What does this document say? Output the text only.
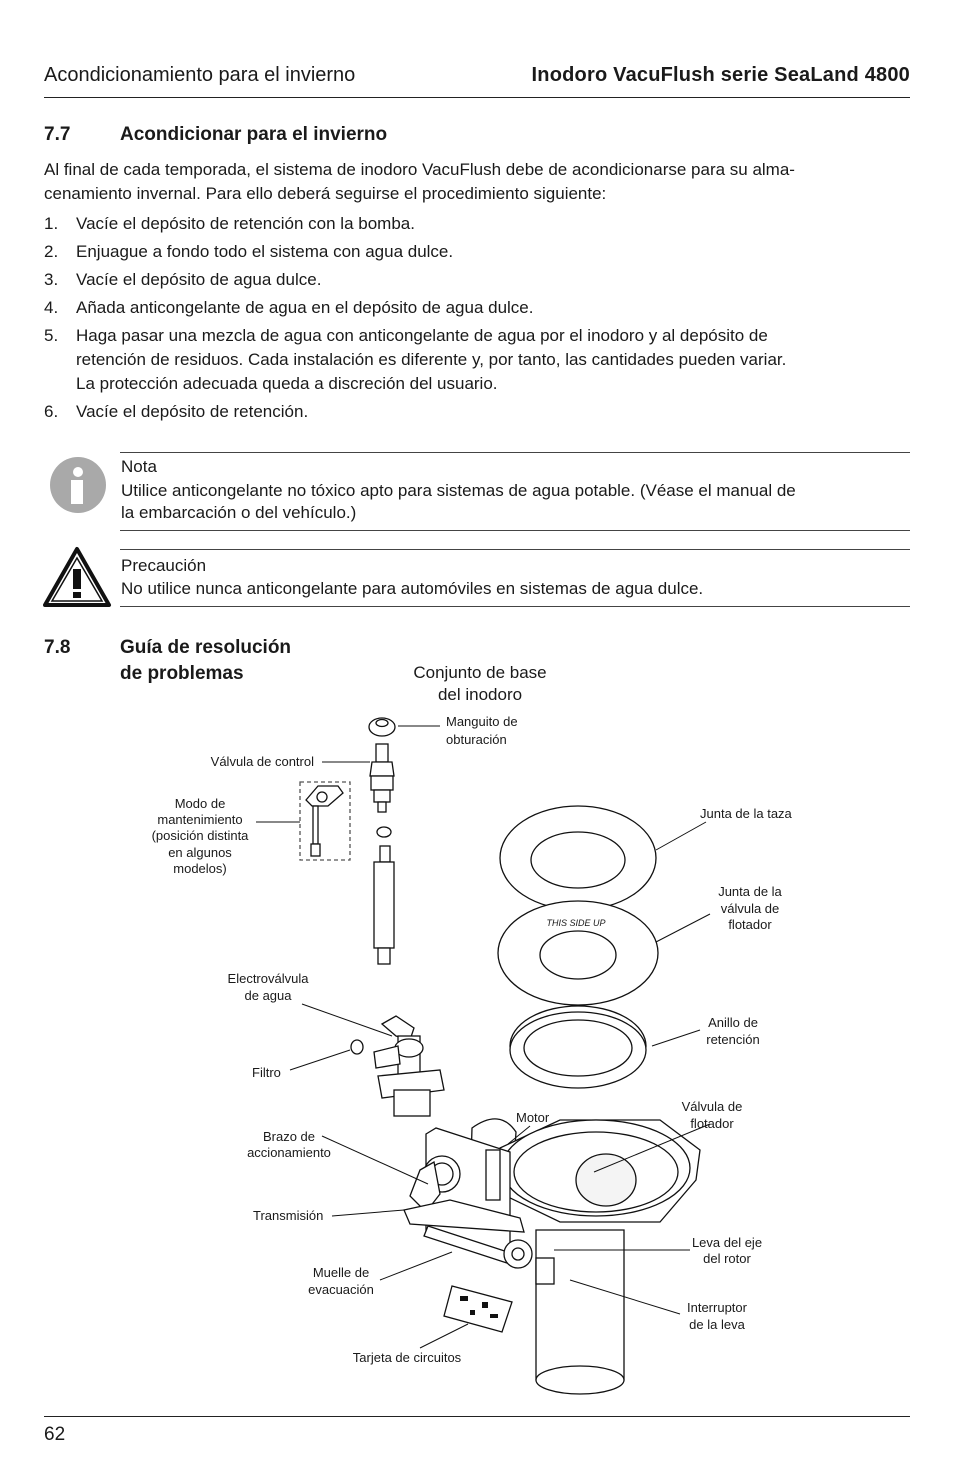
Acondicionamiento para el invierno	Inodoro VacuFlush serie SeaLand 4800
7.7	Acondicionar para el invierno

Al final de cada temporada, el sistema de inodoro VacuFlush debe de acondicionarse para su alma-
cenamiento invernal. Para ello deberá seguirse el procedimiento siguiente:

1. Vacíe el depósito de retención con la bomba.
2. Enjuague a fondo todo el sistema con agua dulce.
3. Vacíe el depósito de agua dulce.
4. Añada anticongelante de agua en el depósito de agua dulce.
5. Haga pasar una mezcla de agua con anticongelante de agua por el inodoro y al depósito de
retención de residuos. Cada instalación es diferente y, por tanto, las cantidades pueden variar.
La protección adecuada queda a discreción del usuario.
6. Vacíe el depósito de retención.
Nota

Utilice anticongelante no tóxico apto para sistemas de agua potable. (Véase el manual de
la embarcación o del vehículo.)

Precaución

No utilice nunca anticongelante para automóviles en sistemas de agua dulce.

7.8	Guía de resolución
de problemas	Conjunto de base
del inodoro
THIS SIDE UP
Manguito de
obturación
Válvula de control
Modo de
mantenimiento
(posición distinta
en algunos
modelos)
Junta de la taza
Junta de la
válvula de
flotador
Electroválvula
de agua
Anillo de
retención
Filtro
Motor
Válvula de
flotador
Brazo de
accionamiento
Transmisión
Leva del eje
del rotor
Muelle de
evacuación
Interruptor
de la leva
Tarjeta de circuitos
62
